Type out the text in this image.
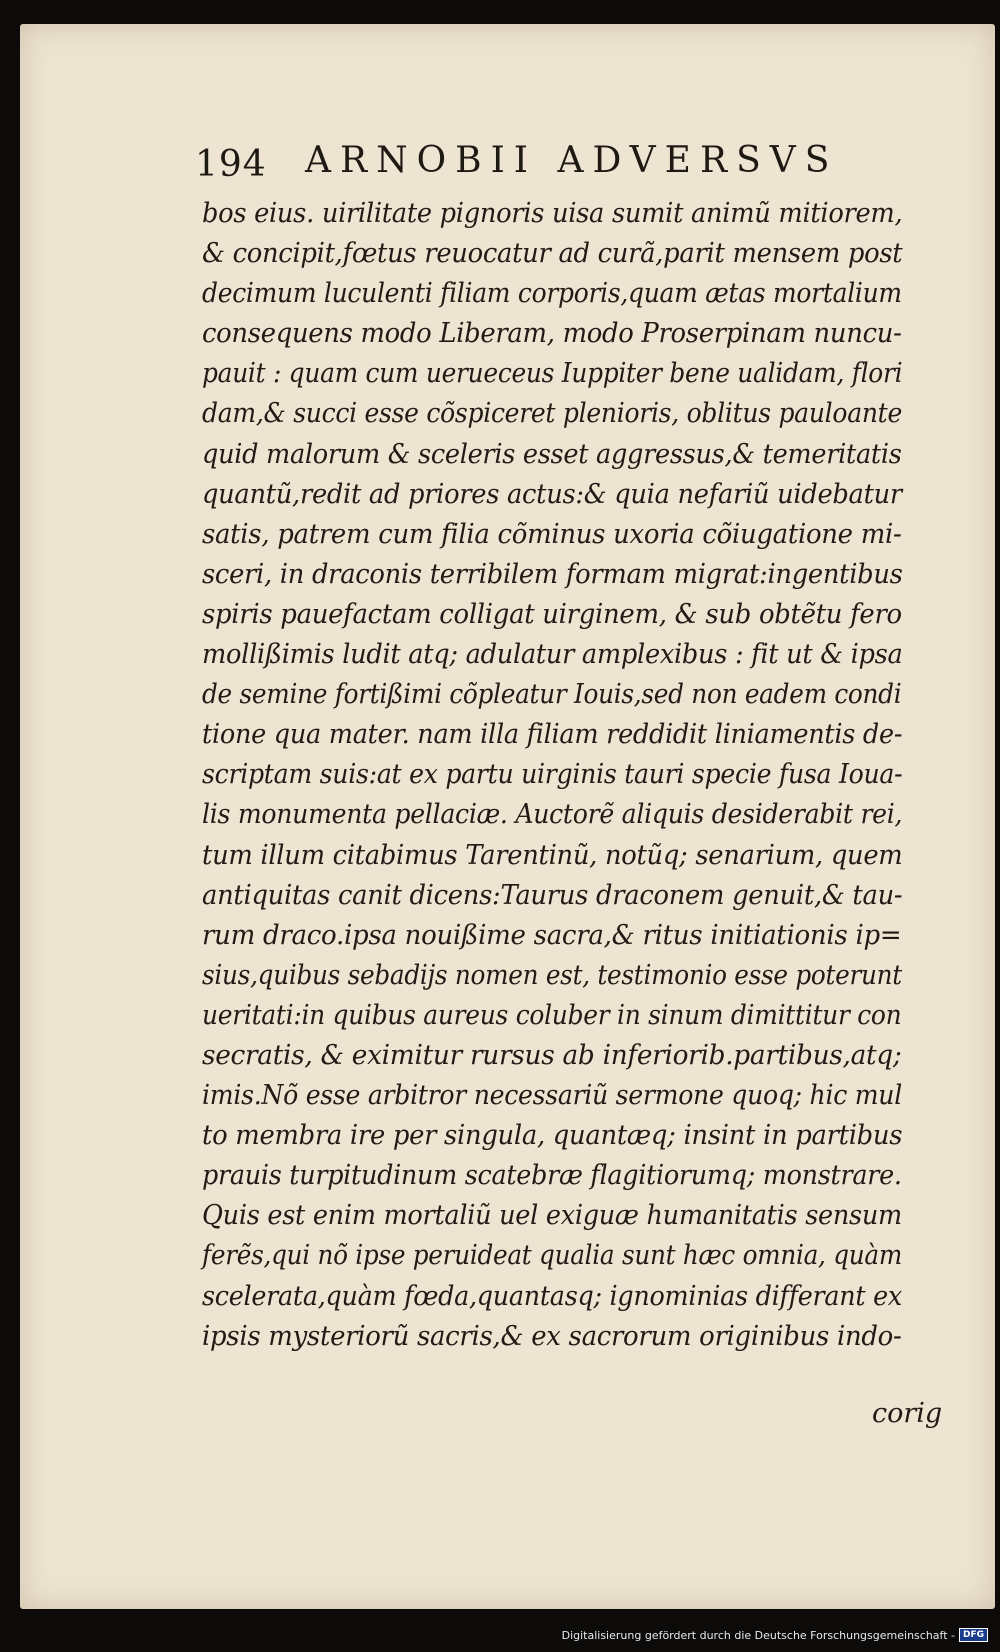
194 ARNOBII ADVERSVS
bos eius. uirilitate pignoris uisa sumit animũ mitiorem,
& concipit,fœtus reuocatur ad curã,parit mensem post
decimum luculenti filiam corporis,quam ætas mortalium
consequens modo Liberam, modo Proserpinam nuncu-
pauit : quam cum uerueceus Iuppiter bene ualidam, flori
dam,& succi esse cõspiceret plenioris, oblitus pauloante
quid malorum & sceleris esset aggressus,& temeritatis
quantũ,redit ad priores actus:& quia nefariũ uidebatur
satis, patrem cum filia cõminus uxoria cõiugatione mi-
sceri, in draconis terribilem formam migrat:ingentibus
spiris pauefactam colligat uirginem, & sub obtẽtu fero
mollißimis ludit atq; adulatur amplexibus : fit ut & ipsa
de semine fortißimi cõpleatur Iouis,sed non eadem condi
tione qua mater. nam illa filiam reddidit liniamentis de-
scriptam suis:at ex partu uirginis tauri specie fusa Ioua-
lis monumenta pellaciæ. Auctorẽ aliquis desiderabit rei,
tum illum citabimus Tarentinũ, notũq; senarium, quem
antiquitas canit dicens:Taurus draconem genuit,& tau-
rum draco.ipsa nouißime sacra,& ritus initiationis ip=
sius,quibus sebadijs nomen est, testimonio esse poterunt
ueritati:in quibus aureus coluber in sinum dimittitur con
secratis, & eximitur rursus ab inferiorib.partibus,atq;
imis.Nõ esse arbitror necessariũ sermone quoq; hic mul
to membra ire per singula, quantæq; insint in partibus
prauis turpitudinum scatebræ flagitiorumq; monstrare.
Quis est enim mortaliũ uel exiguæ humanitatis sensum
ferẽs,qui nõ ipse peruideat qualia sunt hæc omnia, quàm
scelerata,quàm fœda,quantasq; ignominias differant ex
ipsis mysteriorũ sacris,& ex sacrorum originibus indo-
corig
Digitalisierung gefördert durch die Deutsche Forschungsgemeinschaft - DFG
